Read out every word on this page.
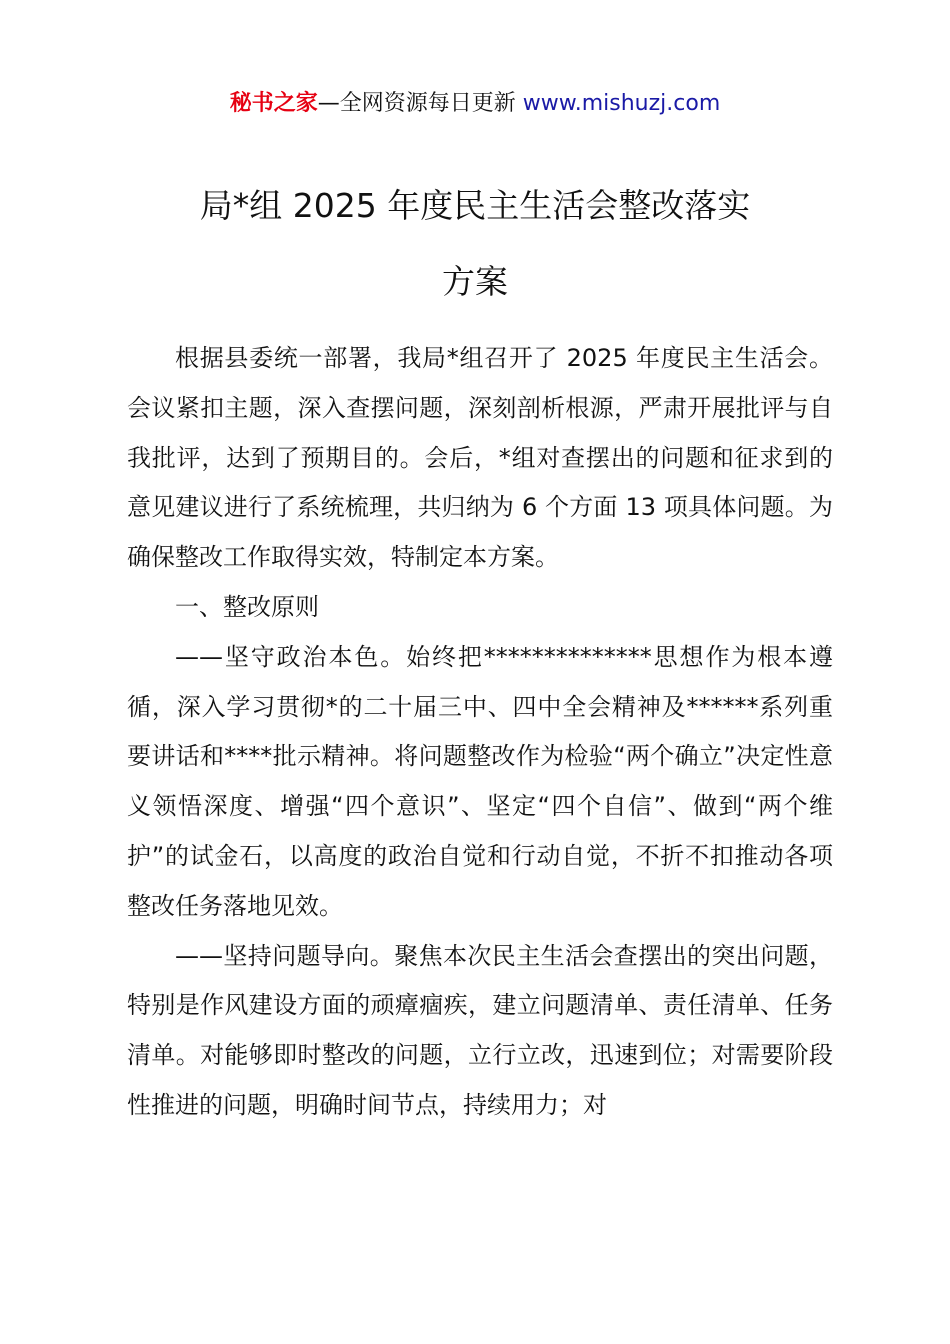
秘书之家—全网资源每日更新 www.mishuzj.com
局*组 2025 年度民主生活会整改落实
方案

根据县委统一部署，我局*组召开了 2025 年度民主生活会。会议紧扣主题，深入查摆问题，深刻剖析根源，严肃开展批评与自我批评，达到了预期目的。会后，*组对查摆出的问题和征求到的意见建议进行了系统梳理，共归纳为 6 个方面 13 项具体问题。为确保整改工作取得实效，特制定本方案。

一、整改原则

——坚守政治本色。始终把**************思想作为根本遵循，深入学习贯彻*的二十届三中、四中全会精神及******系列重要讲话和****批示精神。将问题整改作为检验“两个确立”决定性意义领悟深度、增强“四个意识”、坚定“四个自信”、做到“两个维护”的试金石，以高度的政治自觉和行动自觉，不折不扣推动各项整改任务落地见效。

——坚持问题导向。聚焦本次民主生活会查摆出的突出问题，特别是作风建设方面的顽瘴痼疾，建立问题清单、责任清单、任务清单。对能够即时整改的问题，立行立改，迅速到位；对需要阶段性推进的问题，明确时间节点，持续用力；对
